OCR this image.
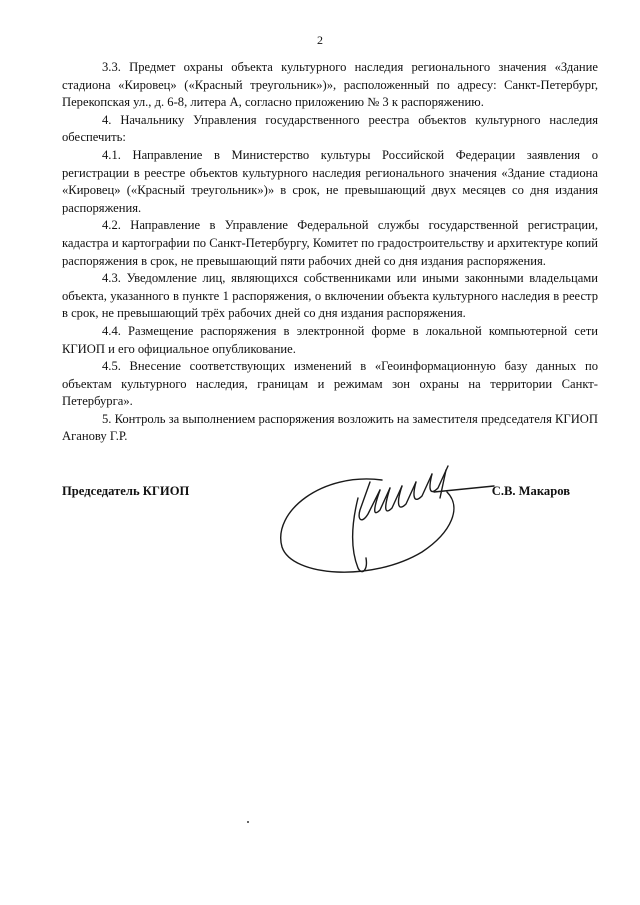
2

3.3. Предмет охраны объекта культурного наследия регионального значения «Здание стадиона «Кировец» («Красный треугольник»)», расположенный по адресу: Санкт-Петербург, Перекопская ул., д. 6-8, литера А, согласно приложению № 3 к распоряжению.

4. Начальнику Управления государственного реестра объектов культурного наследия обеспечить:

4.1. Направление в Министерство культуры Российской Федерации заявления о регистрации в реестре объектов культурного наследия регионального значения «Здание стадиона «Кировец» («Красный треугольник»)» в срок, не превышающий двух месяцев со дня издания распоряжения.

4.2. Направление в Управление Федеральной службы государственной регистрации, кадастра и картографии по Санкт-Петербургу, Комитет по градостроительству и архитектуре копий распоряжения в срок, не превышающий пяти рабочих дней со дня издания распоряжения.

4.3. Уведомление лиц, являющихся собственниками или иными законными владельцами объекта, указанного в пункте 1 распоряжения, о включении объекта культурного наследия в реестр в срок, не превышающий трёх рабочих дней со дня издания распоряжения.

4.4. Размещение распоряжения в электронной форме в локальной компьютерной сети КГИОП и его официальное опубликование.

4.5. Внесение соответствующих изменений в «Геоинформационную базу данных по объектам культурного наследия, границам и режимам зон охраны на территории Санкт-Петербурга».

5. Контроль за выполнением распоряжения возложить на заместителя председателя КГИОП Аганову Г.Р.

Председатель КГИОП	С.В. Макаров
